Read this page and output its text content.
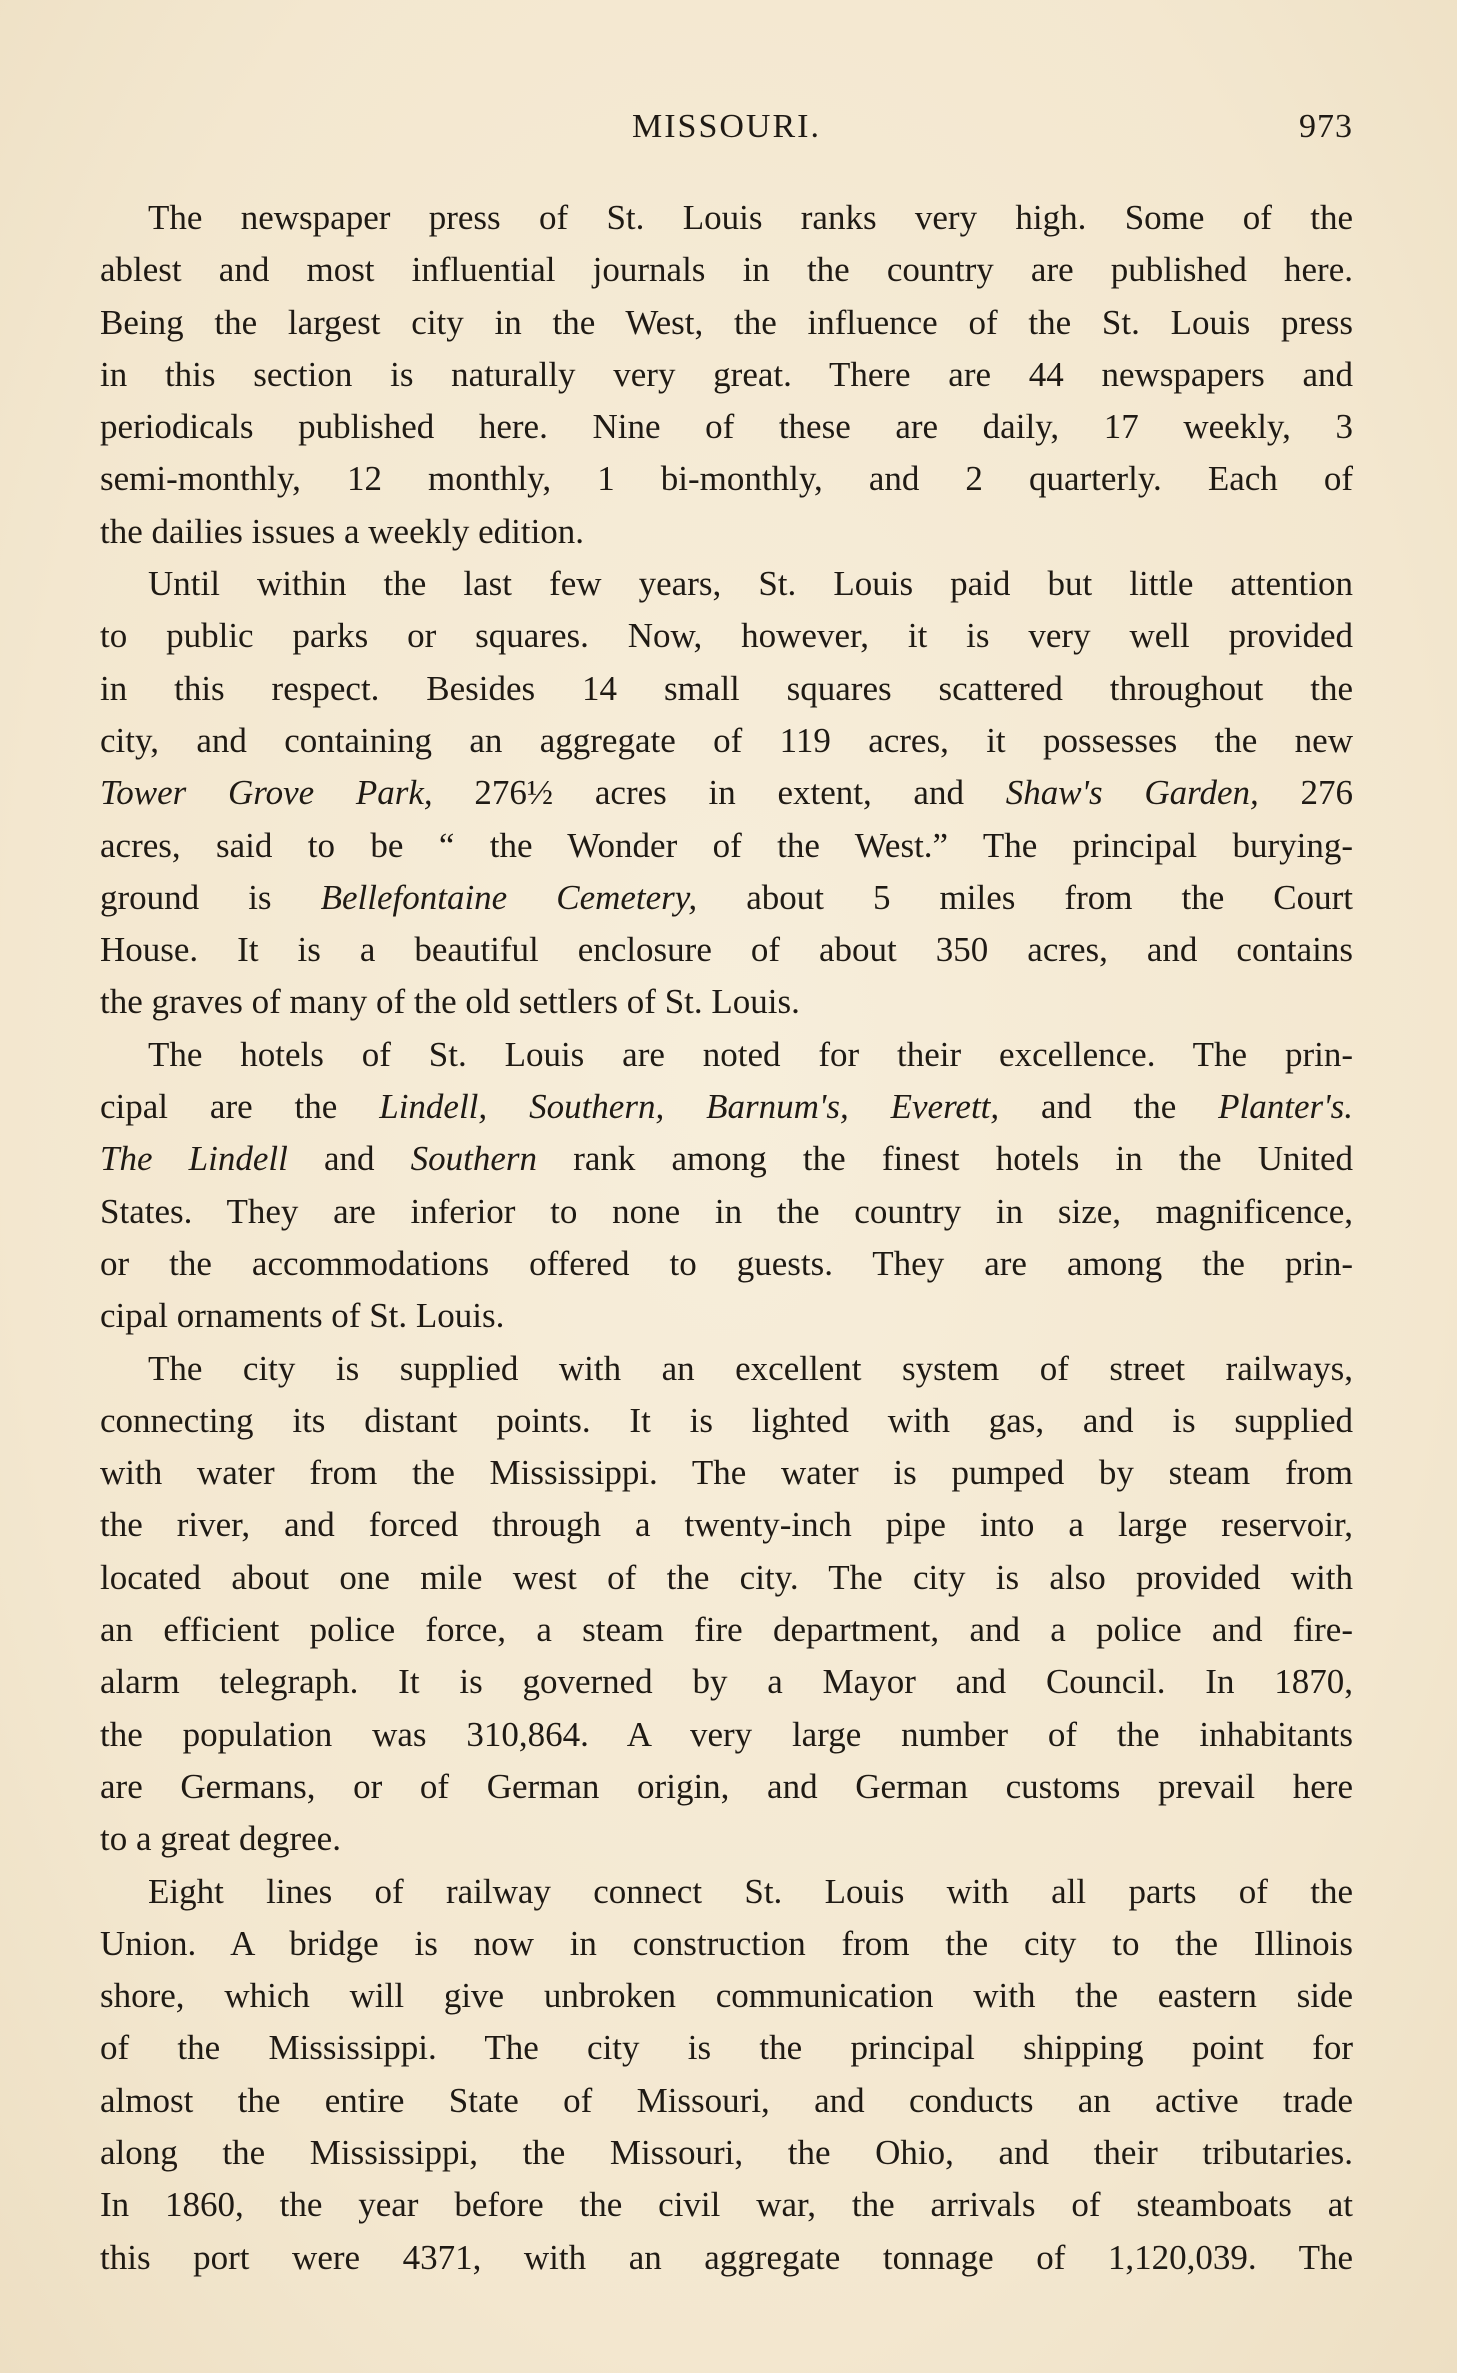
MISSOURI.	973
The newspaper press of St. Louis ranks very high. Some of the
ablest and most influential journals in the country are published here.
Being the largest city in the West, the influence of the St. Louis press
in this section is naturally very great. There are 44 newspapers and
periodicals published here. Nine of these are daily, 17 weekly, 3
semi-monthly, 12 monthly, 1 bi-monthly, and 2 quarterly. Each of
the dailies issues a weekly edition.
Until within the last few years, St. Louis paid but little attention
to public parks or squares. Now, however, it is very well provided
in this respect. Besides 14 small squares scattered throughout the
city, and containing an aggregate of 119 acres, it possesses the new
Tower Grove Park, 276½ acres in extent, and Shaw's Garden, 276
acres, said to be “ the Wonder of the West.” The principal burying-
ground is Bellefontaine Cemetery, about 5 miles from the Court
House. It is a beautiful enclosure of about 350 acres, and contains
the graves of many of the old settlers of St. Louis.
The hotels of St. Louis are noted for their excellence. The prin-
cipal are the Lindell, Southern, Barnum's, Everett, and the Planter's.
The Lindell and Southern rank among the finest hotels in the United
States. They are inferior to none in the country in size, magnificence,
or the accommodations offered to guests. They are among the prin-
cipal ornaments of St. Louis.
The city is supplied with an excellent system of street railways,
connecting its distant points. It is lighted with gas, and is supplied
with water from the Mississippi. The water is pumped by steam from
the river, and forced through a twenty-inch pipe into a large reservoir,
located about one mile west of the city. The city is also provided with
an efficient police force, a steam fire department, and a police and fire-
alarm telegraph. It is governed by a Mayor and Council. In 1870,
the population was 310,864. A very large number of the inhabitants
are Germans, or of German origin, and German customs prevail here
to a great degree.
Eight lines of railway connect St. Louis with all parts of the
Union. A bridge is now in construction from the city to the Illinois
shore, which will give unbroken communication with the eastern side
of the Mississippi. The city is the principal shipping point for
almost the entire State of Missouri, and conducts an active trade
along the Mississippi, the Missouri, the Ohio, and their tributaries.
In 1860, the year before the civil war, the arrivals of steamboats at
this port were 4371, with an aggregate tonnage of 1,120,039. The
